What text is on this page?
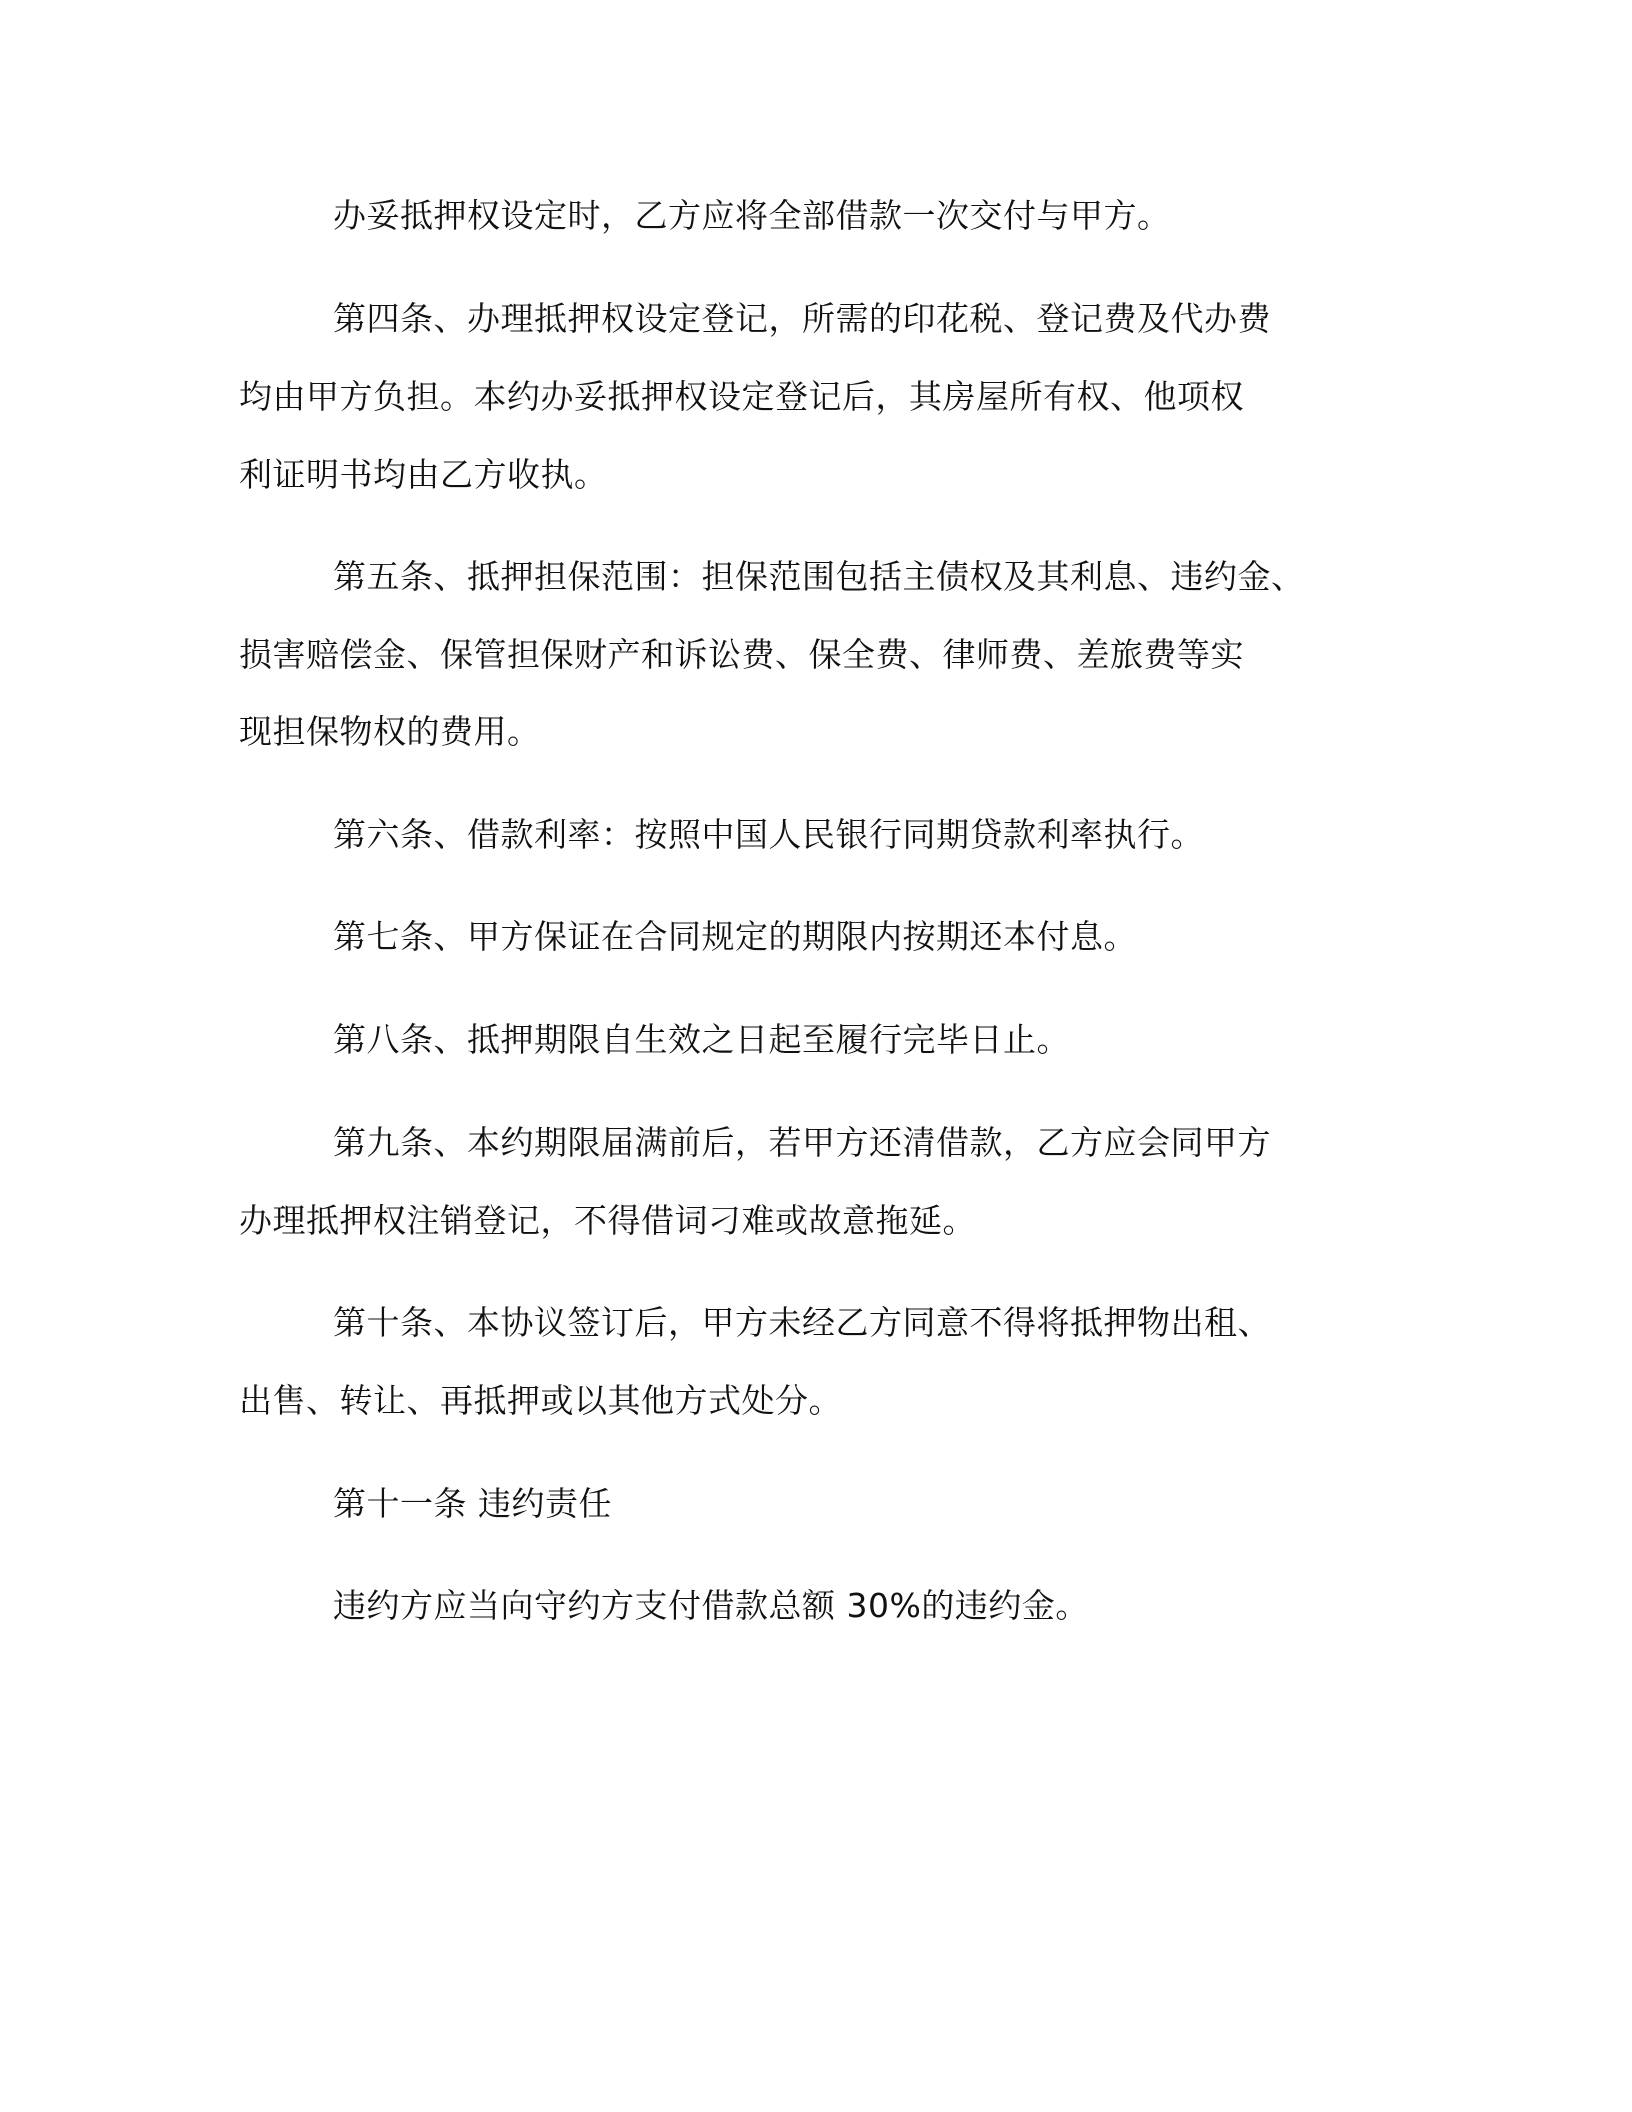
办妥抵押权设定时，乙方应将全部借款一次交付与甲方。

第四条、办理抵押权设定登记，所需的印花税、登记费及代办费

均由甲方负担。本约办妥抵押权设定登记后，其房屋所有权、他项权

利证明书均由乙方收执。

第五条、抵押担保范围：担保范围包括主债权及其利息、违约金、

损害赔偿金、保管担保财产和诉讼费、保全费、律师费、差旅费等实

现担保物权的费用。

第六条、借款利率：按照中国人民银行同期贷款利率执行。

第七条、甲方保证在合同规定的期限内按期还本付息。

第八条、抵押期限自生效之日起至履行完毕日止。

第九条、本约期限届满前后，若甲方还清借款，乙方应会同甲方

办理抵押权注销登记，不得借词刁难或故意拖延。

第十条、本协议签订后，甲方未经乙方同意不得将抵押物出租、

出售、转让、再抵押或以其他方式处分。

第十一条 违约责任

违约方应当向守约方支付借款总额 30%的违约金。
